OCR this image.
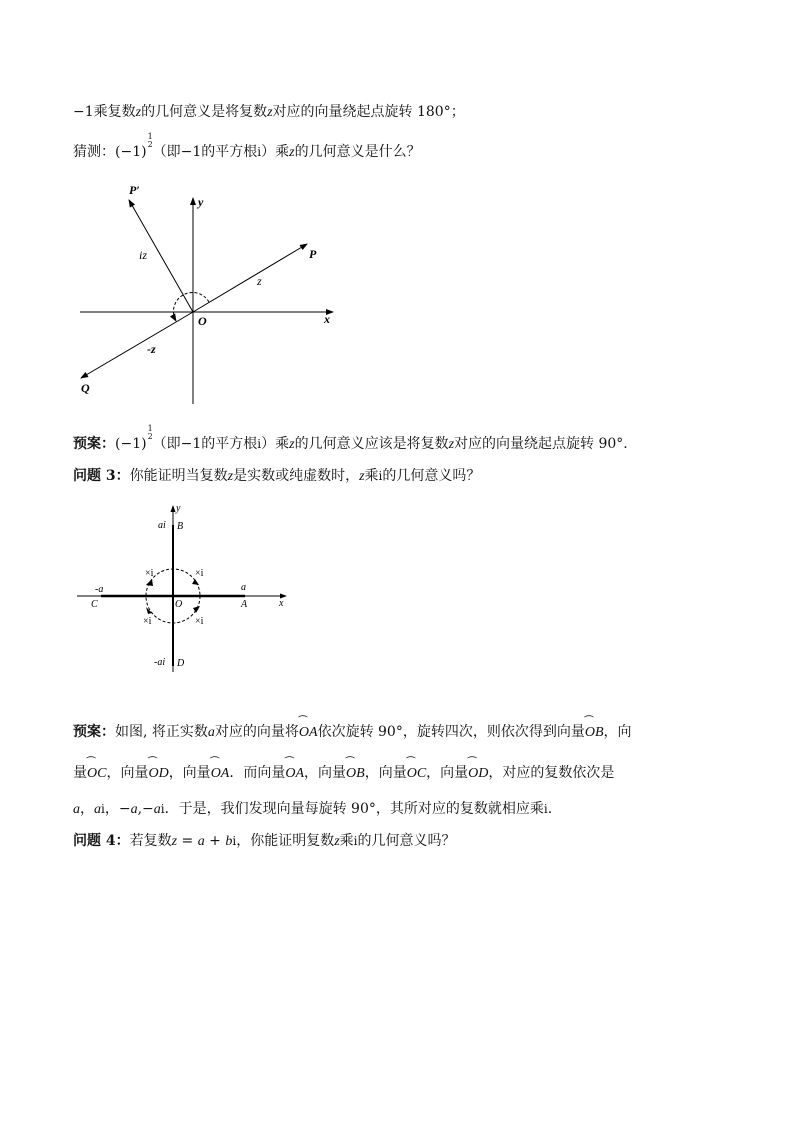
−1乘复数z的几何意义是将复数z对应的向量绕起点旋转 180°；
猜测：(−1)
1
2 （即−1的平方根i）乘z的几何意义是什么？
P′
y
iz	P
z
O	x
-z
Q
预案：(−1)
1
2 （即−1的平方根i）乘z的几何意义应该是将复数z对应的向量绕起点旋转 90°.
问题 3：你能证明当复数z是实数或纯虚数时，z乘i的几何意义吗？
y
ai B
×i	×i
-a	a
C	O	A	x
×i	×i
-ai D
预案：如图, 将正实数a对应的向量将⏜ OA依次旋转 90°，旋转四次，则依次得到向量⏜ OB，向
量⏜ OC，向量⏜ OD，向量⏜ OA．而向量⏜ OA，向量⏜ OB，向量⏜ OC，向量⏜ OD，对应的复数依次是
a，ai，−a,−ai．于是，我们发现向量每旋转 90°，其所对应的复数就相应乘i.
问题 4：若复数z = a + bi，你能证明复数z乘i的几何意义吗？
